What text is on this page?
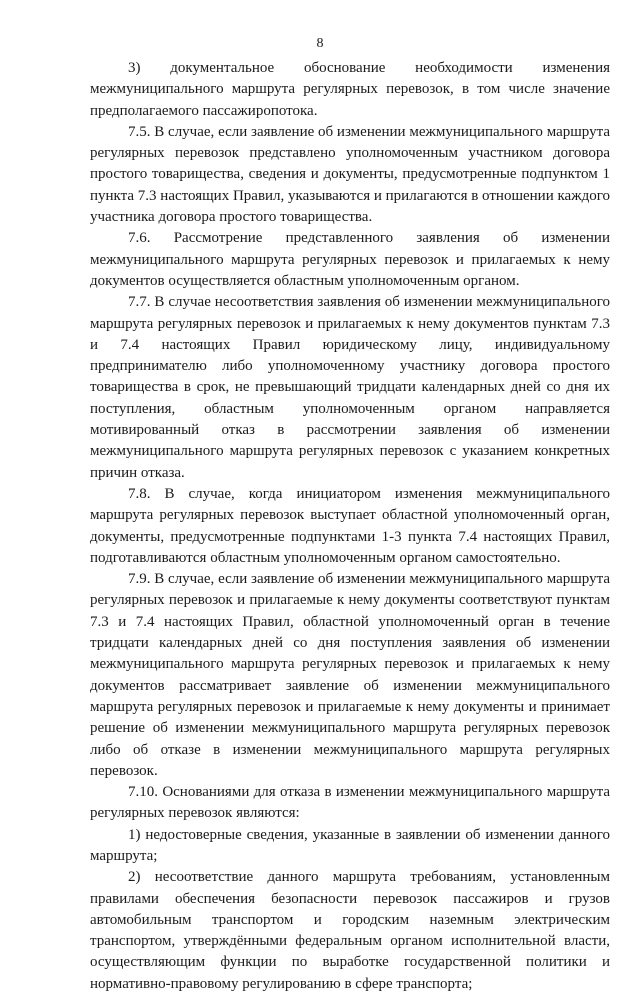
8

3) документальное обоснование необходимости изменения межмуниципального маршрута регулярных перевозок, в том числе значение предполагаемого пассажиропотока.

7.5. В случае, если заявление об изменении межмуниципального маршрута регулярных перевозок представлено уполномоченным участником договора простого товарищества, сведения и документы, предусмотренные подпунктом 1 пункта 7.3 настоящих Правил, указываются и прилагаются в отношении каждого участника договора простого товарищества.

7.6. Рассмотрение представленного заявления об изменении межмуниципального маршрута регулярных перевозок и прилагаемых к нему документов осуществляется областным уполномоченным органом.

7.7. В случае несоответствия заявления об изменении межмуниципального маршрута регулярных перевозок и прилагаемых к нему документов пунктам 7.3 и 7.4 настоящих Правил юридическому лицу, индивидуальному предпринимателю либо уполномоченному участнику договора простого товарищества в срок, не превышающий тридцати календарных дней со дня их поступления, областным уполномоченным органом направляется мотивированный отказ в рассмотрении заявления об изменении межмуниципального маршрута регулярных перевозок с указанием конкретных причин отказа.

7.8. В случае, когда инициатором изменения межмуниципального маршрута регулярных перевозок выступает областной уполномоченный орган, документы, предусмотренные подпунктами 1-3 пункта 7.4 настоящих Правил, подготавливаются областным уполномоченным органом самостоятельно.

7.9. В случае, если заявление об изменении межмуниципального маршрута регулярных перевозок и прилагаемые к нему документы соответствуют пунктам 7.3 и 7.4 настоящих Правил, областной уполномоченный орган в течение тридцати календарных дней со дня поступления заявления об изменении межмуниципального маршрута регулярных перевозок и прилагаемых к нему документов рассматривает заявление об изменении межмуниципального маршрута регулярных перевозок и прилагаемые к нему документы и принимает решение об изменении межмуниципального маршрута регулярных перевозок либо об отказе в изменении межмуниципального маршрута регулярных перевозок.

7.10. Основаниями для отказа в изменении межмуниципального маршрута регулярных перевозок являются:

1) недостоверные сведения, указанные в заявлении об изменении данного маршрута;

2) несоответствие данного маршрута требованиям, установленным правилами обеспечения безопасности перевозок пассажиров и грузов автомобильным транспортом и городским наземным электрическим транспортом, утверждёнными федеральным органом исполнительной власти, осуществляющим функции по выработке государственной политики и нормативно-правовому регулированию в сфере транспорта;
